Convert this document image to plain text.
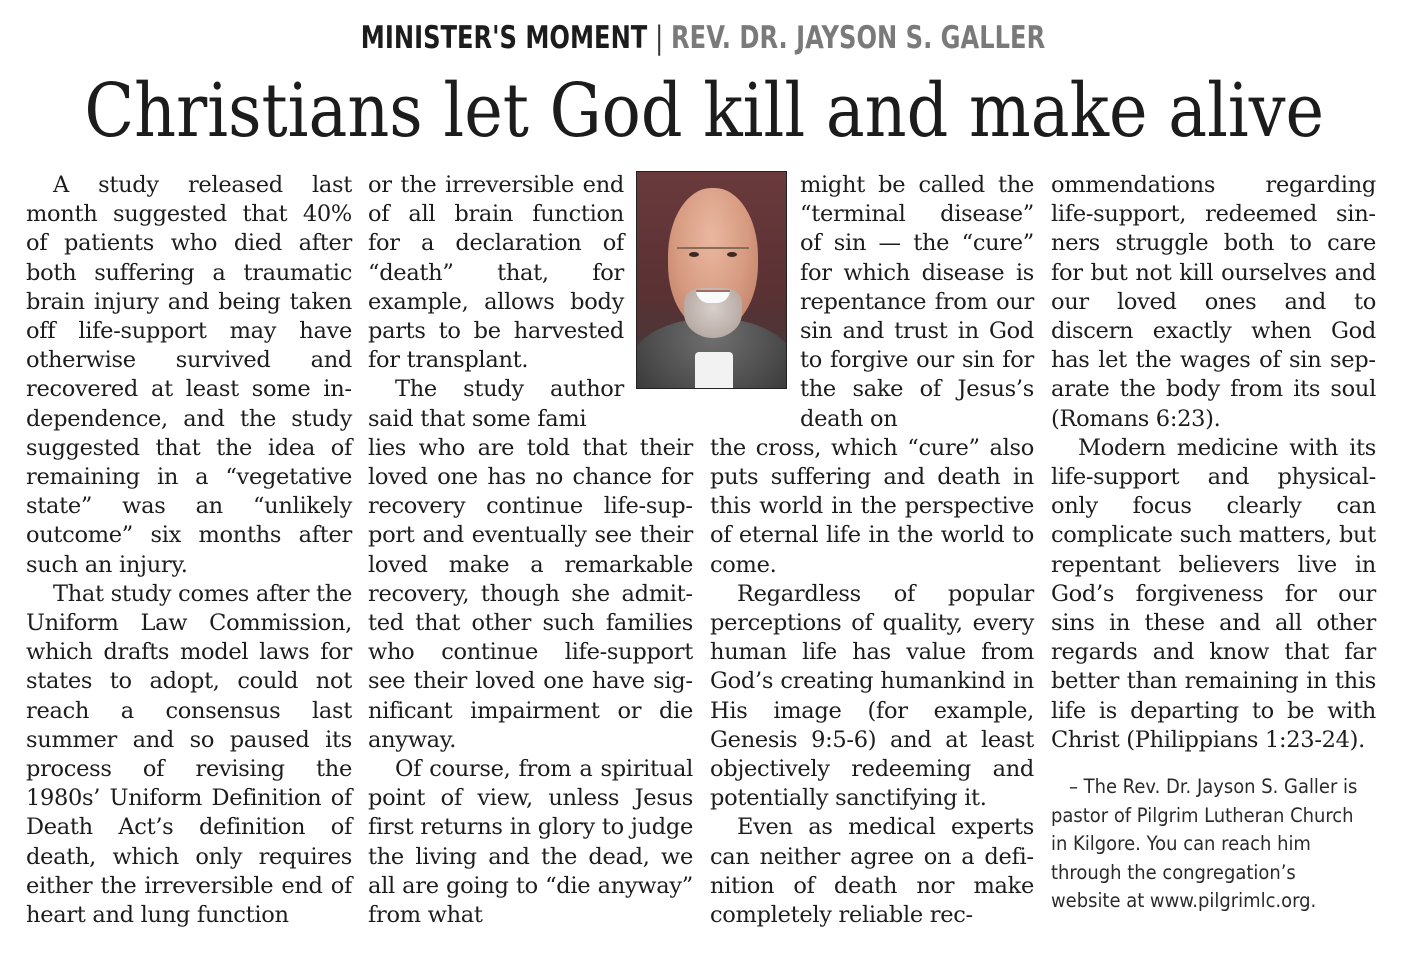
MINISTER'S MOMENT | REV. DR. JAYSON S. GALLER
Christians let God kill and make alive

A study released last month suggested that 40% of patients who died after both suffering a traumatic brain injury and being taken off life-support may have otherwise survived and recovered at least some independence, and the study suggested that the idea of remaining in a “vegetative state” was an “unlikely outcome” six months after such an injury.

That study comes after the Uniform Law Commission, which drafts model laws for states to adopt, could not reach a consensus last summer and so paused its process of revising the 1980s’ Uniform Definition of Death Act’s definition of death, which only requires either the irreversible end of heart and lung function

or the irreversible end of all brain function for a declaration of “death” that, for example, allows body parts to be harvested for transplant.

The study author said that some fami

lies who are told that their loved one has no chance for recovery continue life-support and eventually see their loved make a remarkable recovery, though she admitted that other such families who continue life-support see their loved one have significant impairment or die anyway.

Of course, from a spiritual point of view, unless Jesus first returns in glory to judge the living and the dead, we all are going to “die anyway” from what

might be called the “terminal disease” of sin — the “cure” for which disease is repentance from our sin and trust in God to forgive our sin for the sake of Jesus’s death on

the cross, which “cure” also puts suffering and death in this world in the perspective of eternal life in the world to come.

Regardless of popular perceptions of quality, every human life has value from God’s creating humankind in His image (for example, Genesis 9:5-6) and at least objectively redeeming and potentially sanctifying it.

Even as medical experts can neither agree on a definition of death nor make completely reliable rec-

ommendations regarding life-support, redeemed sinners struggle both to care for but not kill ourselves and our loved ones and to discern exactly when God has let the wages of sin separate the body from its soul (Romans 6:23).

Modern medicine with its life-support and physical-only focus clearly can complicate such matters, but repentant believers live in God’s forgiveness for our sins in these and all other regards and know that far better than remaining in this life is departing to be with Christ (Philippians 1:23-24).

– The Rev. Dr. Jayson S. Galler is pastor of Pilgrim Lutheran Church in Kilgore. You can reach him through the congregation’s website at www.pilgrimlc.org.
